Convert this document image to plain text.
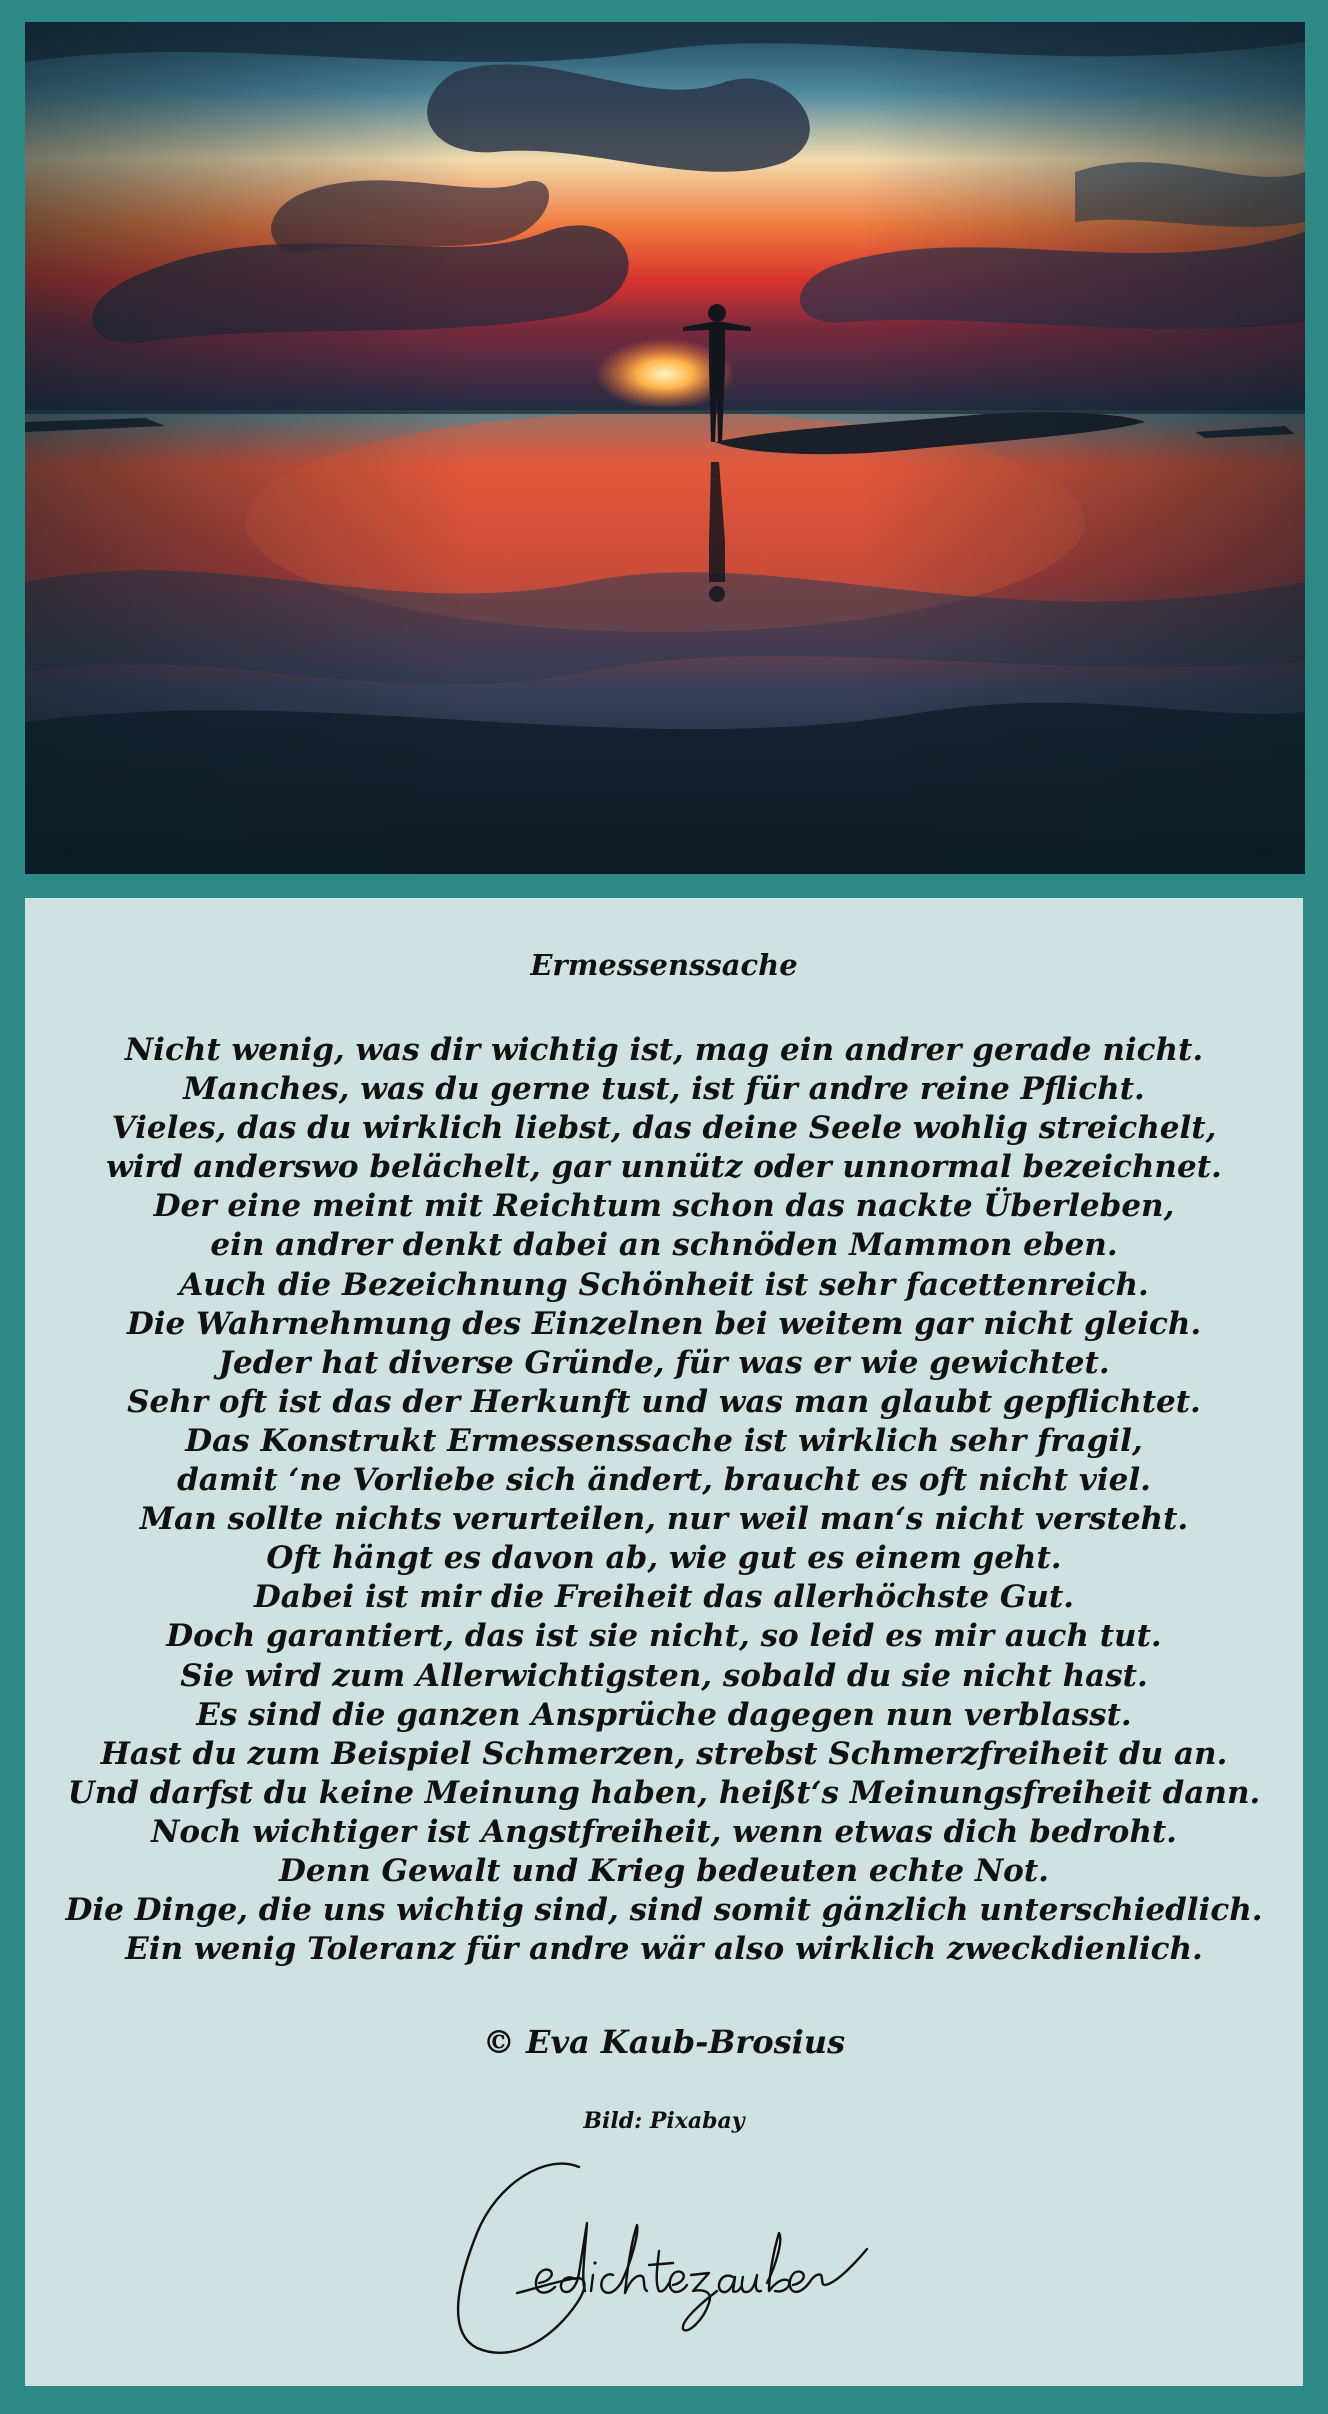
Ermessenssache
Nicht wenig, was dir wichtig ist, mag ein andrer gerade nicht.
Manches, was du gerne tust, ist für andre reine Pflicht.
Vieles, das du wirklich liebst, das deine Seele wohlig streichelt,
wird anderswo belächelt, gar unnütz oder unnormal bezeichnet.
Der eine meint mit Reichtum schon das nackte Überleben,
ein andrer denkt dabei an schnöden Mammon eben.
Auch die Bezeichnung Schönheit ist sehr facettenreich.
Die Wahrnehmung des Einzelnen bei weitem gar nicht gleich.
Jeder hat diverse Gründe, für was er wie gewichtet.
Sehr oft ist das der Herkunft und was man glaubt gepflichtet.
Das Konstrukt Ermessenssache ist wirklich sehr fragil,
damit ‘ne Vorliebe sich ändert, braucht es oft nicht viel.
Man sollte nichts verurteilen, nur weil man‘s nicht versteht.
Oft hängt es davon ab, wie gut es einem geht.
Dabei ist mir die Freiheit das allerhöchste Gut.
Doch garantiert, das ist sie nicht, so leid es mir auch tut.
Sie wird zum Allerwichtigsten, sobald du sie nicht hast.
Es sind die ganzen Ansprüche dagegen nun verblasst.
Hast du zum Beispiel Schmerzen, strebst Schmerzfreiheit du an.
Und darfst du keine Meinung haben, heißt‘s Meinungsfreiheit dann.
Noch wichtiger ist Angstfreiheit, wenn etwas dich bedroht.
Denn Gewalt und Krieg bedeuten echte Not.
Die Dinge, die uns wichtig sind, sind somit gänzlich unterschiedlich.
Ein wenig Toleranz für andre wär also wirklich zweckdienlich.
© Eva Kaub-Brosius
Bild: Pixabay
